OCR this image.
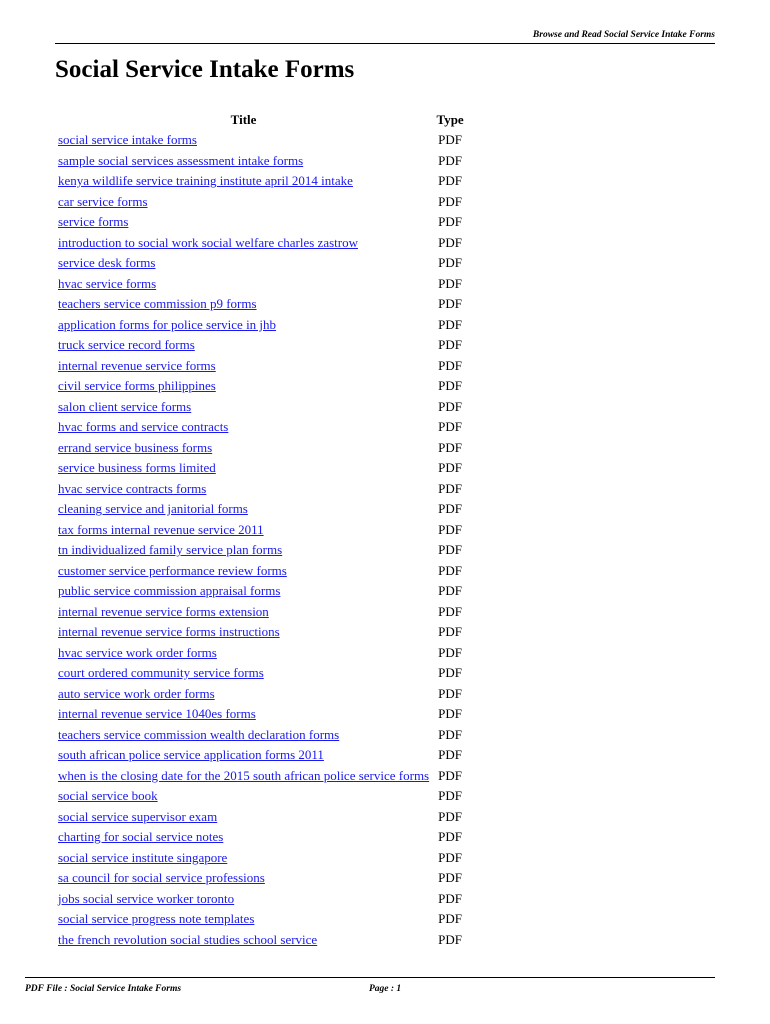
Browse and Read Social Service Intake Forms
Social Service Intake Forms
Title	Type
social service intake forms	PDF
sample social services assessment intake forms	PDF
kenya wildlife service training institute april 2014 intake	PDF
car service forms	PDF
service forms	PDF
introduction to social work social welfare charles zastrow	PDF
service desk forms	PDF
hvac service forms	PDF
teachers service commission p9 forms	PDF
application forms for police service in jhb	PDF
truck service record forms	PDF
internal revenue service forms	PDF
civil service forms philippines	PDF
salon client service forms	PDF
hvac forms and service contracts	PDF
errand service business forms	PDF
service business forms limited	PDF
hvac service contracts forms	PDF
cleaning service and janitorial forms	PDF
tax forms internal revenue service 2011	PDF
tn individualized family service plan forms	PDF
customer service performance review forms	PDF
public service commission appraisal forms	PDF
internal revenue service forms extension	PDF
internal revenue service forms instructions	PDF
hvac service work order forms	PDF
court ordered community service forms	PDF
auto service work order forms	PDF
internal revenue service 1040es forms	PDF
teachers service commission wealth declaration forms	PDF
south african police service application forms 2011	PDF
when is the closing date for the 2015 south african police service forms	PDF
social service book	PDF
social service supervisor exam	PDF
charting for social service notes	PDF
social service institute singapore	PDF
sa council for social service professions	PDF
jobs social service worker toronto	PDF
social service progress note templates	PDF
the french revolution social studies school service	PDF
PDF File : Social Service Intake Forms	Page : 1
